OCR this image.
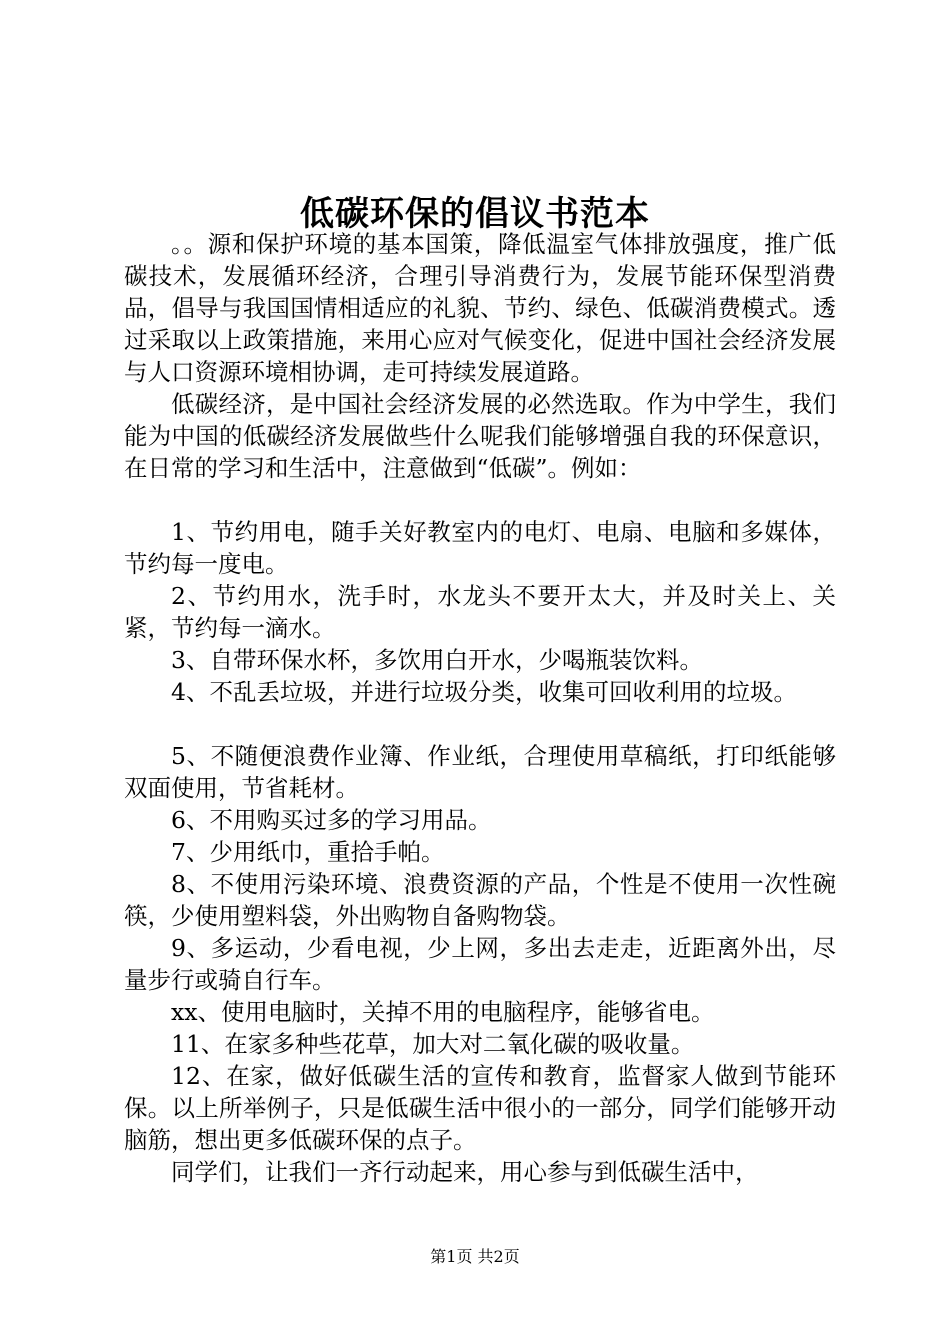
低碳环保的倡议书范本

。。源和保护环境的基本国策，降低温室气体排放强度，推广低碳技术，发展循环经济，合理引导消费行为，发展节能环保型消费品，倡导与我国国情相适应的礼貌、节约、绿色、低碳消费模式。透过采取以上政策措施，来用心应对气候变化，促进中国社会经济发展与人口资源环境相协调，走可持续发展道路。

低碳经济，是中国社会经济发展的必然选取。作为中学生，我们能为中国的低碳经济发展做些什么呢我们能够增强自我的环保意识，在日常的学习和生活中，注意做到“低碳”。例如：

1、节约用电，随手关好教室内的电灯、电扇、电脑和多媒体，节约每一度电。

2、节约用水，洗手时，水龙头不要开太大，并及时关上、关紧，节约每一滴水。

3、自带环保水杯，多饮用白开水，少喝瓶装饮料。

4、不乱丢垃圾，并进行垃圾分类，收集可回收利用的垃圾。

5、不随便浪费作业簿、作业纸，合理使用草稿纸，打印纸能够双面使用，节省耗材。

6、不用购买过多的学习用品。

7、少用纸巾，重拾手帕。

8、不使用污染环境、浪费资源的产品，个性是不使用一次性碗筷，少使用塑料袋，外出购物自备购物袋。

9、多运动，少看电视，少上网，多出去走走，近距离外出，尽量步行或骑自行车。

xx、使用电脑时，关掉不用的电脑程序，能够省电。

11、在家多种些花草，加大对二氧化碳的吸收量。

12、在家，做好低碳生活的宣传和教育，监督家人做到节能环保。以上所举例子，只是低碳生活中很小的一部分，同学们能够开动脑筋，想出更多低碳环保的点子。

同学们，让我们一齐行动起来，用心参与到低碳生活中，

第1页 共2页
